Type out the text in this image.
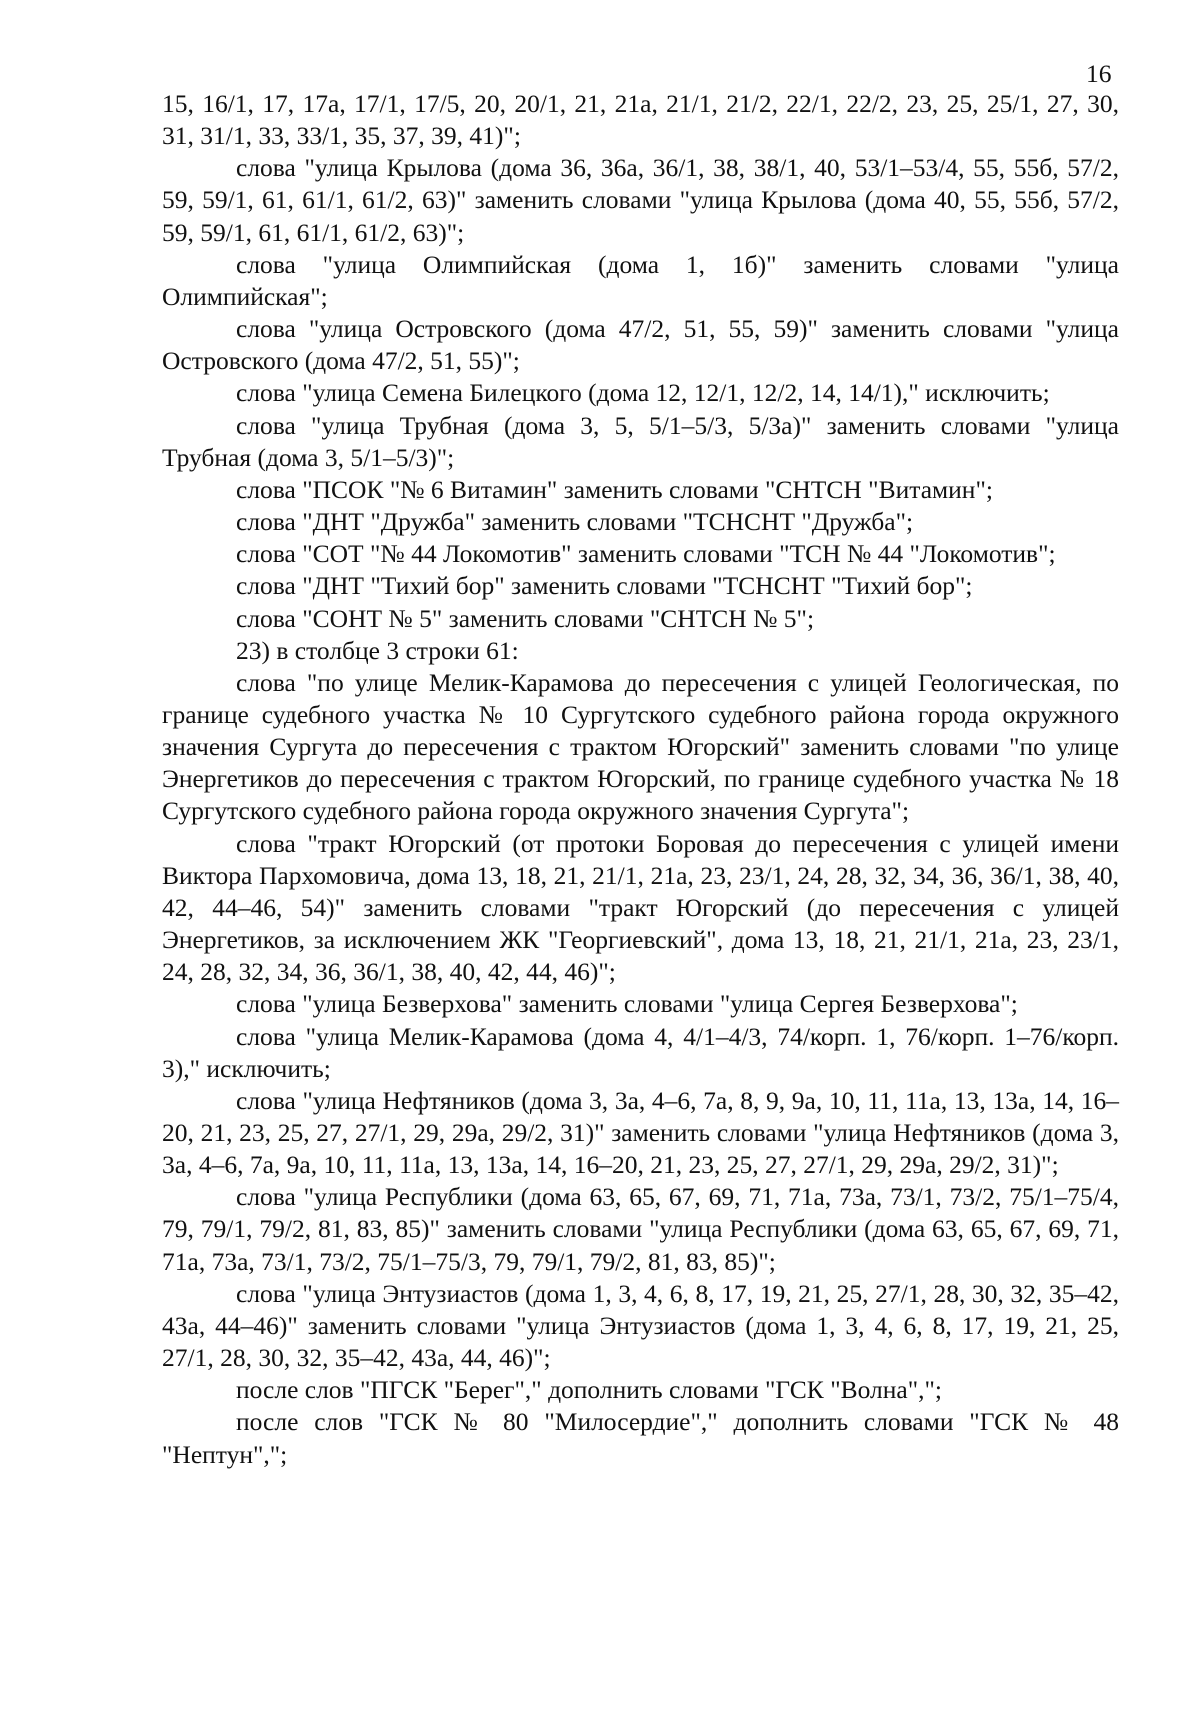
16

15, 16/1, 17, 17а, 17/1, 17/5, 20, 20/1, 21, 21а, 21/1, 21/2, 22/1, 22/2, 23, 25, 25/1, 27, 30, 31, 31/1, 33, 33/1, 35, 37, 39, 41)";

слова "улица Крылова (дома 36, 36а, 36/1, 38, 38/1, 40, 53/1–53/4, 55, 55б, 57/2, 59, 59/1, 61, 61/1, 61/2, 63)" заменить словами "улица Крылова (дома 40, 55, 55б, 57/2, 59, 59/1, 61, 61/1, 61/2, 63)";

слова "улица Олимпийская (дома 1, 1б)" заменить словами "улица Олимпийская";

слова "улица Островского (дома 47/2, 51, 55, 59)" заменить словами "улица Островского (дома 47/2, 51, 55)";

слова "улица Семена Билецкого (дома 12, 12/1, 12/2, 14, 14/1)," исключить;

слова "улица Трубная (дома 3, 5, 5/1–5/3, 5/3а)" заменить словами "улица Трубная (дома 3, 5/1–5/3)";

слова "ПСОК "№ 6 Витамин" заменить словами "СНТСН "Витамин";

слова "ДНТ "Дружба" заменить словами "ТСНСНТ "Дружба";

слова "СОТ "№ 44 Локомотив" заменить словами "ТСН № 44 "Локомотив";

слова "ДНТ "Тихий бор" заменить словами "ТСНСНТ "Тихий бор";

слова "СОНТ № 5" заменить словами "СНТСН № 5";

23) в столбце 3 строки 61:

слова "по улице Мелик-Карамова до пересечения с улицей Геологическая, по границе судебного участка № 10 Сургутского судебного района города окружного значения Сургута до пересечения с трактом Югорский" заменить словами "по улице Энергетиков до пересечения с трактом Югорский, по границе судебного участка № 18 Сургутского судебного района города окружного значения Сургута";

слова "тракт Югорский (от протоки Боровая до пересечения с улицей имени Виктора Пархомовича, дома 13, 18, 21, 21/1, 21а, 23, 23/1, 24, 28, 32, 34, 36, 36/1, 38, 40, 42, 44–46, 54)" заменить словами "тракт Югорский (до пересечения с улицей Энергетиков, за исключением ЖК "Георгиевский", дома 13, 18, 21, 21/1, 21а, 23, 23/1, 24, 28, 32, 34, 36, 36/1, 38, 40, 42, 44, 46)";

слова "улица Безверхова" заменить словами "улица Сергея Безверхова";

слова "улица Мелик-Карамова (дома 4, 4/1–4/3, 74/корп. 1, 76/корп. 1–76/корп. 3)," исключить;

слова "улица Нефтяников (дома 3, 3а, 4–6, 7а, 8, 9, 9а, 10, 11, 11а, 13, 13а, 14, 16–20, 21, 23, 25, 27, 27/1, 29, 29а, 29/2, 31)" заменить словами "улица Нефтяников (дома 3, 3а, 4–6, 7а, 9а, 10, 11, 11а, 13, 13а, 14, 16–20, 21, 23, 25, 27, 27/1, 29, 29а, 29/2, 31)";

слова "улица Республики (дома 63, 65, 67, 69, 71, 71а, 73а, 73/1, 73/2, 75/1–75/4, 79, 79/1, 79/2, 81, 83, 85)" заменить словами "улица Республики (дома 63, 65, 67, 69, 71, 71а, 73а, 73/1, 73/2, 75/1–75/3, 79, 79/1, 79/2, 81, 83, 85)";

слова "улица Энтузиастов (дома 1, 3, 4, 6, 8, 17, 19, 21, 25, 27/1, 28, 30, 32, 35–42, 43а, 44–46)" заменить словами "улица Энтузиастов (дома 1, 3, 4, 6, 8, 17, 19, 21, 25, 27/1, 28, 30, 32, 35–42, 43а, 44, 46)";

после слов "ПГСК "Берег"," дополнить словами "ГСК "Волна",";

после слов "ГСК № 80 "Милосердие"," дополнить словами "ГСК № 48 "Нептун",";
